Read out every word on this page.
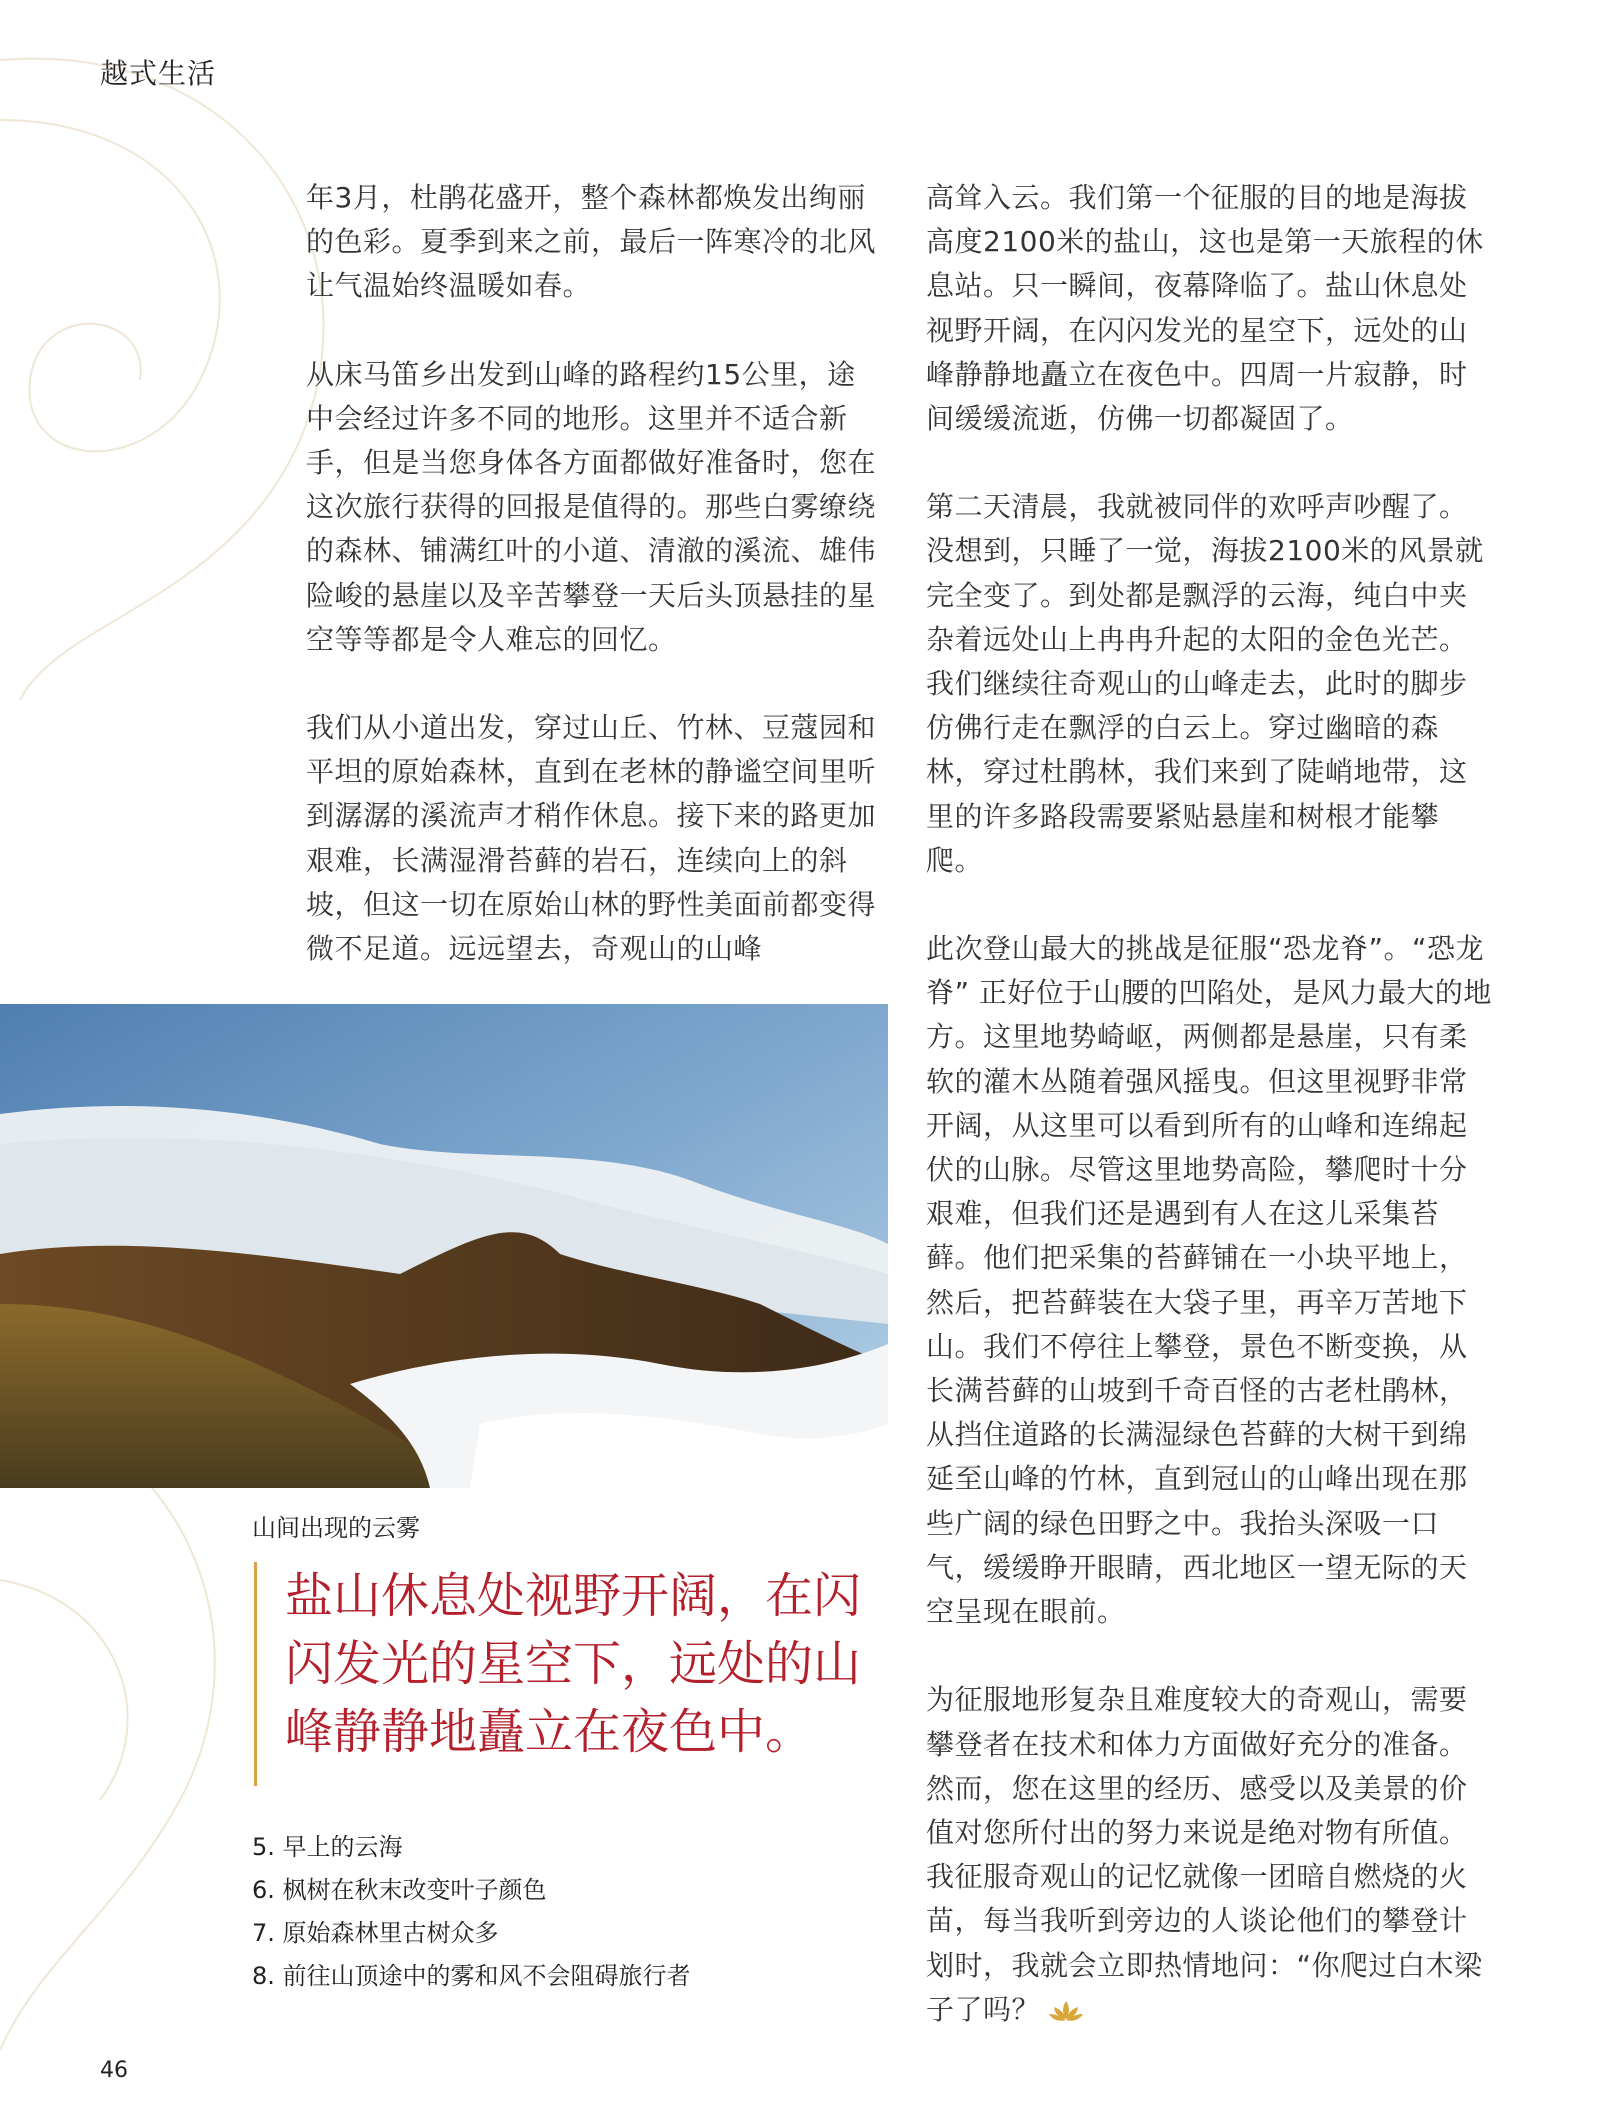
越式生活

年3月，杜鹃花盛开，整个森林都焕发出绚丽的色彩。夏季到来之前，最后一阵寒冷的北风让气温始终温暖如春。

从床马笛乡出发到山峰的路程约15公里，途中会经过许多不同的地形。这里并不适合新手，但是当您身体各方面都做好准备时，您在这次旅行获得的回报是值得的。那些白雾缭绕的森林、铺满红叶的小道、清澈的溪流、雄伟险峻的悬崖以及辛苦攀登一天后头顶悬挂的星空等等都是令人难忘的回忆。

我们从小道出发，穿过山丘、竹林、豆蔻园和平坦的原始森林，直到在老林的静谧空间里听到潺潺的溪流声才稍作休息。接下来的路更加艰难，长满湿滑苔藓的岩石，连续向上的斜坡，但这一切在原始山林的野性美面前都变得微不足道。远远望去，奇观山的山峰

高耸入云。我们第一个征服的目的地是海拔高度2100米的盐山，这也是第一天旅程的休息站。只一瞬间，夜幕降临了。盐山休息处视野开阔，在闪闪发光的星空下，远处的山峰静静地矗立在夜色中。四周一片寂静，时间缓缓流逝，仿佛一切都凝固了。

第二天清晨，我就被同伴的欢呼声吵醒了。没想到，只睡了一觉，海拔2100米的风景就完全变了。到处都是飘浮的云海，纯白中夹杂着远处山上冉冉升起的太阳的金色光芒。我们继续往奇观山的山峰走去，此时的脚步仿佛行走在飘浮的白云上。穿过幽暗的森林，穿过杜鹃林，我们来到了陡峭地带，这里的许多路段需要紧贴悬崖和树根才能攀爬。

此次登山最大的挑战是征服“恐龙脊”。“恐龙脊” 正好位于山腰的凹陷处，是风力最大的地方。这里地势崎岖，两侧都是悬崖，只有柔软的灌木丛随着强风摇曳。但这里视野非常开阔，从这里可以看到所有的山峰和连绵起伏的山脉。尽管这里地势高险，攀爬时十分艰难，但我们还是遇到有人在这儿采集苔藓。他们把采集的苔藓铺在一小块平地上，然后，把苔藓装在大袋子里，再辛万苦地下山。我们不停往上攀登，景色不断变换，从长满苔藓的山坡到千奇百怪的古老杜鹃林，从挡住道路的长满湿绿色苔藓的大树干到绵延至山峰的竹林，直到冠山的山峰出现在那些广阔的绿色田野之中。我抬头深吸一口气，缓缓睁开眼睛，西北地区一望无际的天空呈现在眼前。

为征服地形复杂且难度较大的奇观山，需要攀登者在技术和体力方面做好充分的准备。然而，您在这里的经历、感受以及美景的价值对您所付出的努力来说是绝对物有所值。我征服奇观山的记忆就像一团暗自燃烧的火苗，每当我听到旁边的人谈论他们的攀登计划时，我就会立即热情地问：“你爬过白木梁子了吗？

山间出现的云雾
盐山休息处视野开阔，在闪闪发光的星空下，远处的山峰静静地矗立在夜色中。
5. 早上的云海
6. 枫树在秋末改变叶子颜色
7. 原始森林里古树众多
8. 前往山顶途中的雾和风不会阻碍旅行者
46
